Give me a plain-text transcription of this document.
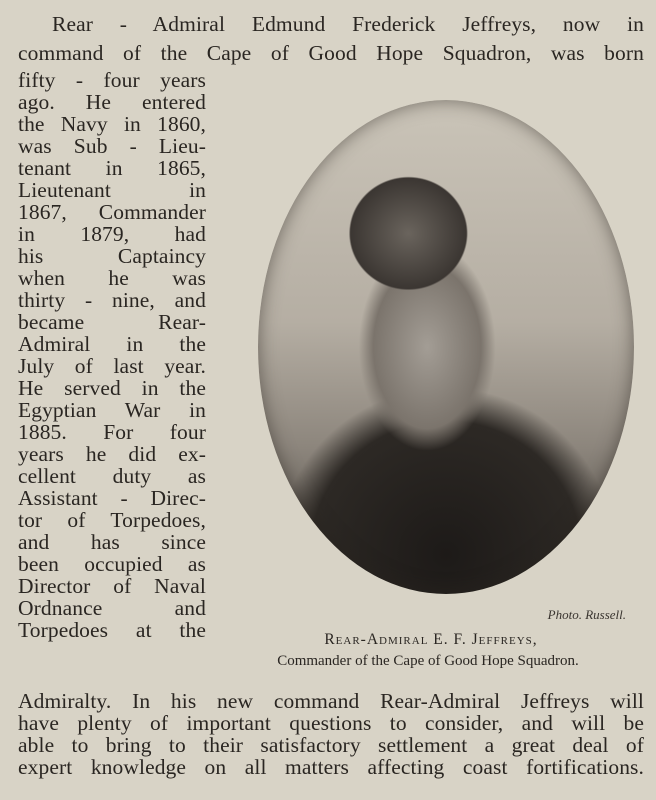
Rear - Admiral Edmund Frederick Jeffreys, now in
command of the Cape of Good Hope Squadron, was born
fifty - four years
ago. He entered
the Navy in 1860,
was Sub - Lieu-
tenant in 1865,
Lieutenant in
1867, Commander
in 1879, had
his Captaincy
when he was
thirty - nine, and
became Rear-
Admiral in the
July of last year.
He served in the
Egyptian War in
1885. For four
years he did ex-
cellent duty as
Assistant - Direc-
tor of Torpedoes,
and has since
been occupied as
Director of Naval
Ordnance and
Torpedoes at the
Admiralty. In his new command Rear-Admiral Jeffreys will
have plenty of important questions to consider, and will be
able to bring to their satisfactory settlement a great deal of
expert knowledge on all matters affecting coast fortifications.
Photo. Russell.
Rear-Admiral E. F. Jeffreys,
Commander of the Cape of Good Hope Squadron.
